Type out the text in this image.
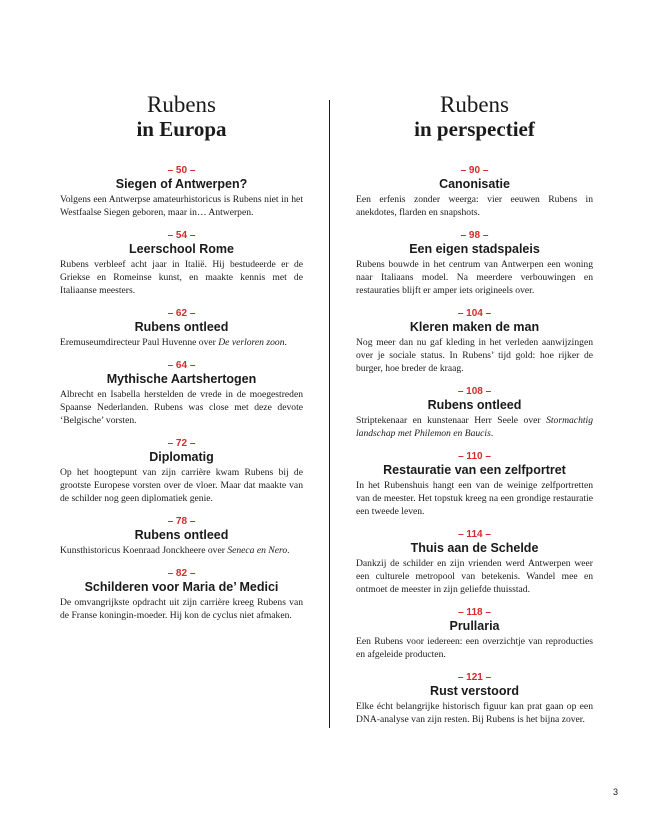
Rubens
in Europa
– 50 –
Siegen of Antwerpen?
Volgens een Antwerpse amateurhistoricus is Rubens niet in het Westfaalse Siegen geboren, maar in… Antwerpen.
– 54 –
Leerschool Rome
Rubens verbleef acht jaar in Italië. Hij bestudeerde er de Griekse en Romeinse kunst, en maakte kennis met de Italiaanse meesters.
– 62 –
Rubens ontleed
Eremuseumdirecteur Paul Huvenne over De verloren zoon.
– 64 –
Mythische Aartshertogen
Albrecht en Isabella herstelden de vrede in de moegestreden Spaanse Nederlanden. Rubens was close met deze devote ‘Belgische’ vorsten.
– 72 –
Diplomatig
Op het hoogtepunt van zijn carrière kwam Rubens bij de grootste Europese vorsten over de vloer. Maar dat maakte van de schilder nog geen diplomatiek genie.
– 78 –
Rubens ontleed
Kunsthistoricus Koenraad Jonckheere over Seneca en Nero.
– 82 –
Schilderen voor Maria de’ Medici
De omvangrijkste opdracht uit zijn carrière kreeg Rubens van de Franse koningin-moeder. Hij kon de cyclus niet afmaken.
Rubens
in perspectief
– 90 –
Canonisatie
Een erfenis zonder weerga: vier eeuwen Rubens in anekdotes, flarden en snapshots.
– 98 –
Een eigen stadspaleis
Rubens bouwde in het centrum van Antwerpen een woning naar Italiaans model. Na meerdere verbouwingen en restauraties blijft er amper iets origineels over.
– 104 –
Kleren maken de man
Nog meer dan nu gaf kleding in het verleden aanwijzingen over je sociale status. In Rubens’ tijd gold: hoe rijker de burger, hoe breder de kraag.
– 108 –
Rubens ontleed
Striptekenaar en kunstenaar Herr Seele over Stormachtig landschap met Philemon en Baucis.
– 110 –
Restauratie van een zelfportret
In het Rubenshuis hangt een van de weinige zelfportretten van de meester. Het topstuk kreeg na een grondige restauratie een tweede leven.
– 114 –
Thuis aan de Schelde
Dankzij de schilder en zijn vrienden werd Antwerpen weer een culturele metropool van betekenis. Wandel mee en ontmoet de meester in zijn geliefde thuisstad.
– 118 –
Prullaria
Een Rubens voor iedereen: een overzichtje van reproducties en afgeleide producten.
– 121 –
Rust verstoord
Elke écht belangrijke historisch figuur kan prat gaan op een DNA-analyse van zijn resten. Bij Rubens is het bijna zover.
3
